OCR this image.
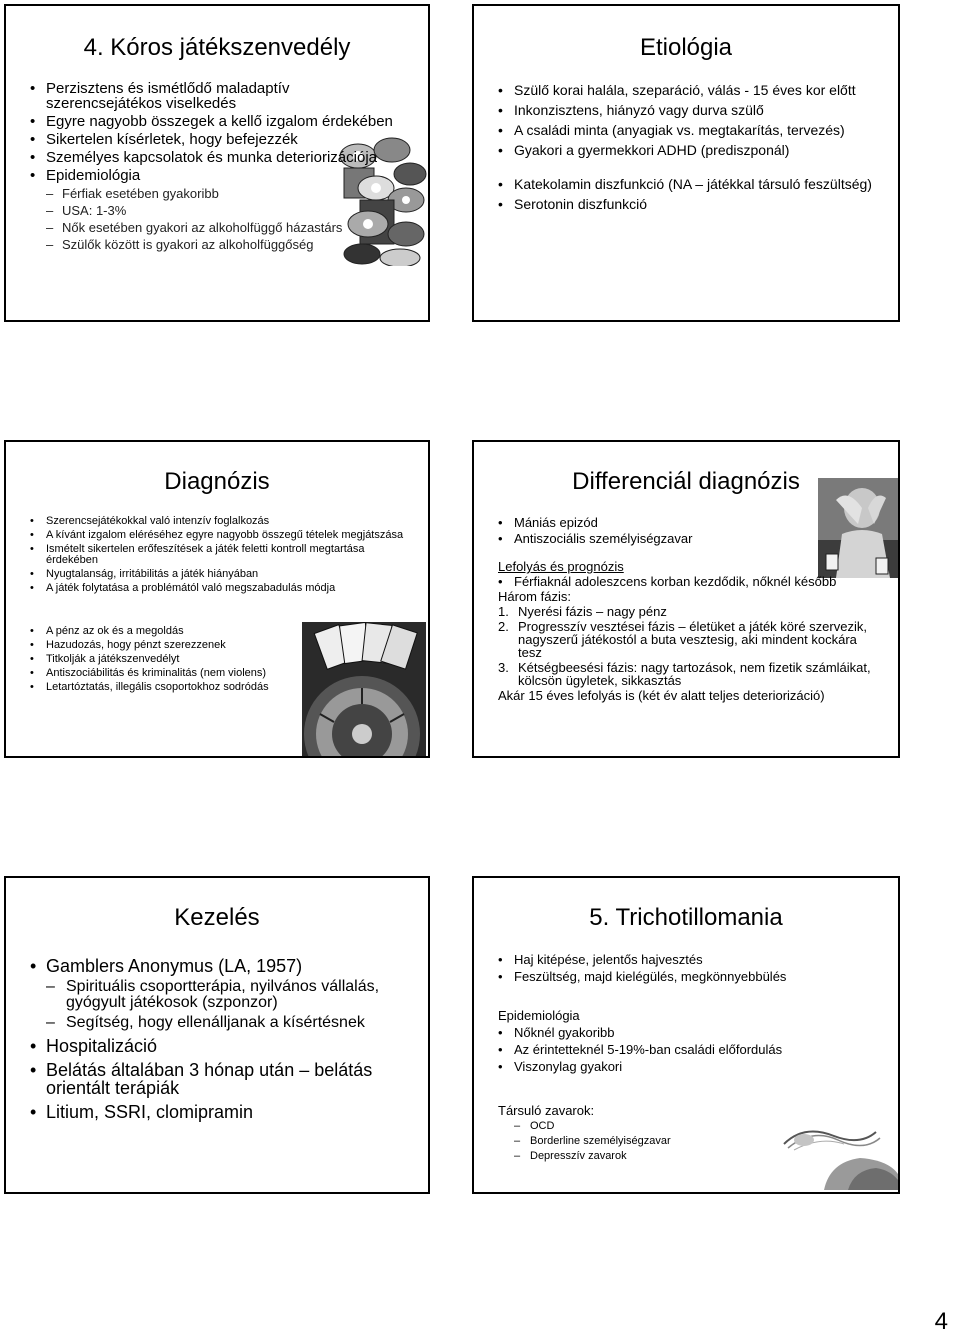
4. Kóros játékszenvedély
• Perzisztens és ismétlődő maladaptív szerencsejátékos viselkedés
• Egyre nagyobb összegek a kellő izgalom érdekében
• Sikertelen kísérletek, hogy befejezzék
• Személyes kapcsolatok és munka deteriorizációja
• Epidemiológia
– Férfiak esetében gyakoribb
– USA: 1-3%
– Nők esetében gyakori az alkoholfüggő házastárs
– Szülők között is gyakori az alkoholfüggőség
Etiológia
• Szülő korai halála, szeparáció, válás - 15 éves kor előtt
• Inkonzisztens, hiányzó vagy durva szülő
• A családi minta (anyagiak vs. megtakarítás, tervezés)
• Gyakori a gyermekkori ADHD (prediszponál)
• Katekolamin diszfunkció (NA – játékkal társuló feszültség)
• Serotonin diszfunkció
Diagnózis
• Szerencsejátékokkal való intenzív foglalkozás
• A kívánt izgalom eléréséhez egyre nagyobb összegű tételek megjátszása
• Ismételt sikertelen erőfeszítések a játék feletti kontroll megtartása érdekében
• Nyugtalanság, irritábilitás a játék hiányában
• A játék folytatása a problémától való megszabadulás módja
• A pénz az ok és a megoldás
• Hazudozás, hogy pénzt szerezzenek
• Titkolják a játékszenvedélyt
• Antiszociábilitás és kriminalitás (nem violens)
• Letartóztatás, illegális csoportokhoz sodródás
Differenciál diagnózis
• Mániás epizód
• Antiszociális személyiségzavar
Lefolyás és prognózis
• Férfiaknál adoleszcens korban kezdődik, nőknél később
Három fázis:
1. Nyerési fázis – nagy pénz
2. Progresszív vesztései fázis – életüket a játék köré szervezik, nagyszerű játékostól a buta vesztesig, aki mindent kockára tesz
3. Kétségbeesési fázis: nagy tartozások, nem fizetik számláikat, kölcsön ügyletek, sikkasztás
Akár 15 éves lefolyás is (két év alatt teljes deteriorizáció)
Kezelés
• Gamblers Anonymus (LA, 1957)
– Spirituális csoportterápia, nyilvános vállalás, gyógyult játékosok (szponzor)
– Segítség, hogy ellenálljanak a kísértésnek
• Hospitalizáció
• Belátás általában 3 hónap után – belátás orientált terápiák
• Litium, SSRI, clomipramin
5. Trichotillomania
• Haj kitépése, jelentős hajvesztés
• Feszültség, majd kielégülés, megkönnyebbülés
Epidemiológia
• Nőknél gyakoribb
• Az érintetteknél 5-19%-ban családi előfordulás
• Viszonylag gyakori
Társuló zavarok:
– OCD
– Borderline személyiségzavar
– Depresszív zavarok
4
